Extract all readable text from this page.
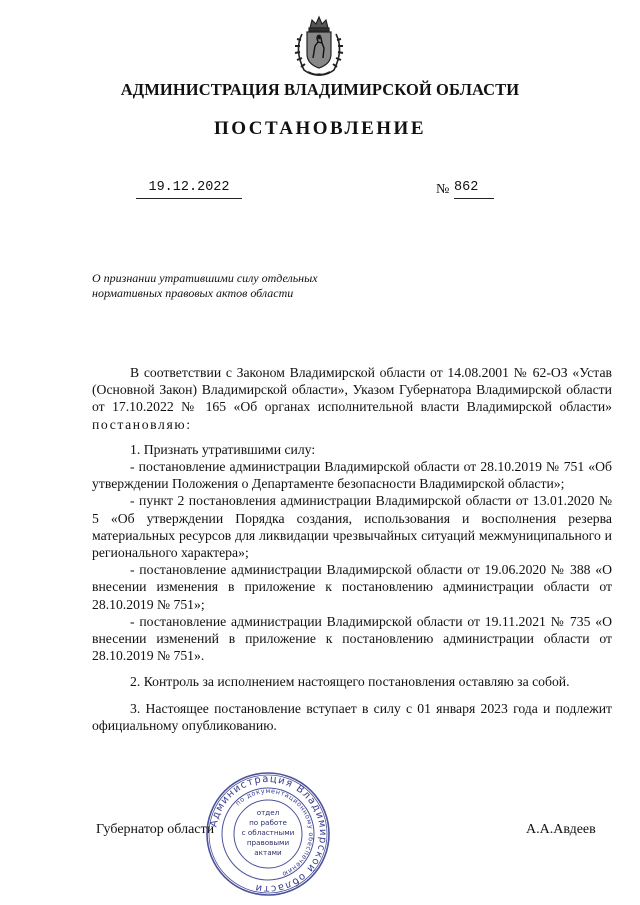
АДМИНИСТРАЦИЯ ВЛАДИМИРСКОЙ ОБЛАСТИ
ПОСТАНОВЛЕНИЕ
19.12.2022	№ 862
О признании утратившими силу отдельных
нормативных правовых актов области

В соответствии с Законом Владимирской области от 14.08.2001 № 62-ОЗ «Устав (Основной Закон) Владимирской области», Указом Губернатора Владимирской области от 17.10.2022 № 165 «Об органах исполнительной власти Владимирской области» постановляю:

1. Признать утратившими силу:

- постановление администрации Владимирской области от 28.10.2019 № 751 «Об утверждении Положения о Департаменте безопасности Владимирской области»;

- пункт 2 постановления администрации Владимирской области от 13.01.2020 № 5 «Об утверждении Порядка создания, использования и восполнения резерва материальных ресурсов для ликвидации чрезвычайных ситуаций межмуниципального и регионального характера»;

- постановление администрации Владимирской области от 19.06.2020 № 388 «О внесении изменения в приложение к постановлению администрации области от 28.10.2019 № 751»;

- постановление администрации Владимирской области от 19.11.2021 № 735 «О внесении изменений в приложение к постановлению администрации области от 28.10.2019 № 751».

2. Контроль за исполнением настоящего постановления оставляю за собой.

3. Настоящее постановление вступает в силу с 01 января 2023 года и подлежит официальному опубликованию.

Губернатор области	А.А.Авдеев
Администрация Владимирской области
по документационному обеспечению
отдел
по работе
с областными
правовыми
актами
